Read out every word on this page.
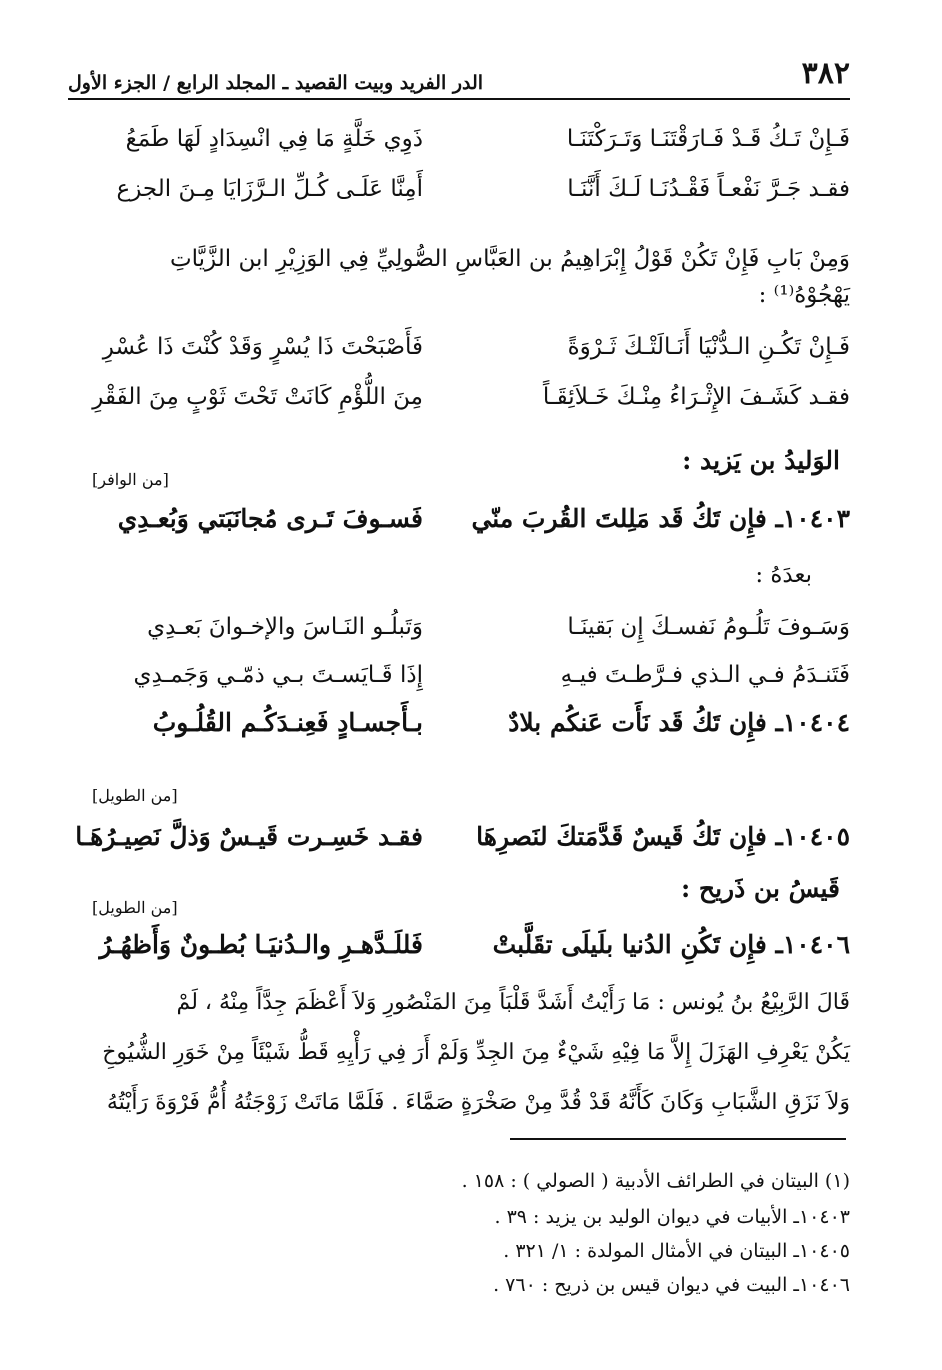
٣٨٢
الدر الفريد وبيت القصيد ـ المجلد الرابع / الجزء الأول
فَـإِنْ تَـكُ قَـدْ فَـارَقْتَنَـا وَتَـرَكْتَنَـا
ذَوِي خَلَّةٍ مَا فِي انْسِدَادٍ لَهَا طَمَعُ
فقـد جَـرَّ نَفْعـاً فَقْـدُنَـا لَـكَ أَنَّنَـا
أَمِنَّا عَلَـى كُـلِّ الـرَّزَايَا مِـنَ الجزع
وَمِنْ بَابِ فَإِنْ تَكُنْ قَوْلُ إِبْرَاهِيمُ بن العَبَّاسِ الصُّولِيِّ فِي الوَزِيْرِ ابن الزَّيَّاتِ
يَهْجُوْهُ⁽¹⁾ :
فَـإِنْ تَكُـنِ الـدُّنْيَا أَنَـالَتْـكَ ثَـرْوَةً
فَأَصْبَحْتَ ذَا يُسْرٍ وَقَدْ كُنْتَ ذَا عُسْرِ
فقـد كَشَـفَ الإِثْـرَاءُ مِنْـكَ خَـلاَئِقَـاً
مِنَ اللُّؤْمِ كَانَتْ تَحْتَ ثَوْبٍ مِنَ الفَقْرِ
الوَليدُ بن يَزيد :
[من الوافر]
١٠٤٠٣ـ فإِن تَكُ قَد مَلِلتَ القُربَ منّي
فَسـوفَ تَـرى مُجانَبَتي وَبُعـدِي
بعدَهُ :
وَسَـوفَ تَلُـومُ نَفسـكَ إِن بَقينَـا
وَتَبلُـو النَـاسَ والإخـوانَ بَعـدِي
فَتَنـدَمُ فـي الـذي فـرَّطـتَ فيـهِ
إِذَا قَـايَسـتَ بـي ذمّـي وَجَمـدِي
١٠٤٠٤ـ فإِن تَكُ قَد نَأَت عَنكُم بلادٌ
بـأَجسـادٍ فَعِنـدَكُـم القُلُـوبُ
[من الطويل]
١٠٤٠٥ـ فإِن تَكُ قَيسٌ قَدَّمَتكَ لنَصرِهَا
فقـد خَسِـرت قَيـسٌ وَذلَّ نَصِيـرُهَـا
قَيسُ بن ذَريح :
[من الطويل]
١٠٤٠٦ـ فإِن تَكُنِ الدُنيا بلَيلَى تقَلَّبتْ
فَللَـدَّهـرِ والـدُنيَـا بُطـونٌ وَأَظهُـرُ
قَالَ الرَّبِيْعُ بنُ يُونس : مَا رَأَيْتُ أَشَدَّ قَلْبَاً مِنَ المَنْصُورِ وَلاَ أَعْظَمَ جِدَّاً مِنْهُ ، لَمْ
يَكُنْ يَعْرِفِ الهَزَلَ إِلاَّ مَا فِيْهِ شَيْءٌ مِنَ الجِدِّ وَلَمْ أَرَ فِي رَأْيِهِ قَطُّ شَيْئَاً مِنْ خَوَرِ الشُّيُوخِ
وَلاَ نَزَقِ الشَّبَابِ وَكَانَ كَأَنَّهُ قَدْ قُدَّ مِنْ صَخْرَةٍ صَمَّاءَ . فَلَمَّا مَاتَتْ زَوْجَتُهُ أُمُّ فَرْوَةَ رَأَيْتُهُ
(١) البيتان في الطرائف الأدبية ( الصولي ) : ١٥٨ .
١٠٤٠٣ـ الأبيات في ديوان الوليد بن يزيد : ٣٩ .
١٠٤٠٥ـ البيتان في الأمثال المولدة : ١/ ٣٢١ .
١٠٤٠٦ـ البيت في ديوان قيس بن ذريح : ٧٦٠ .
